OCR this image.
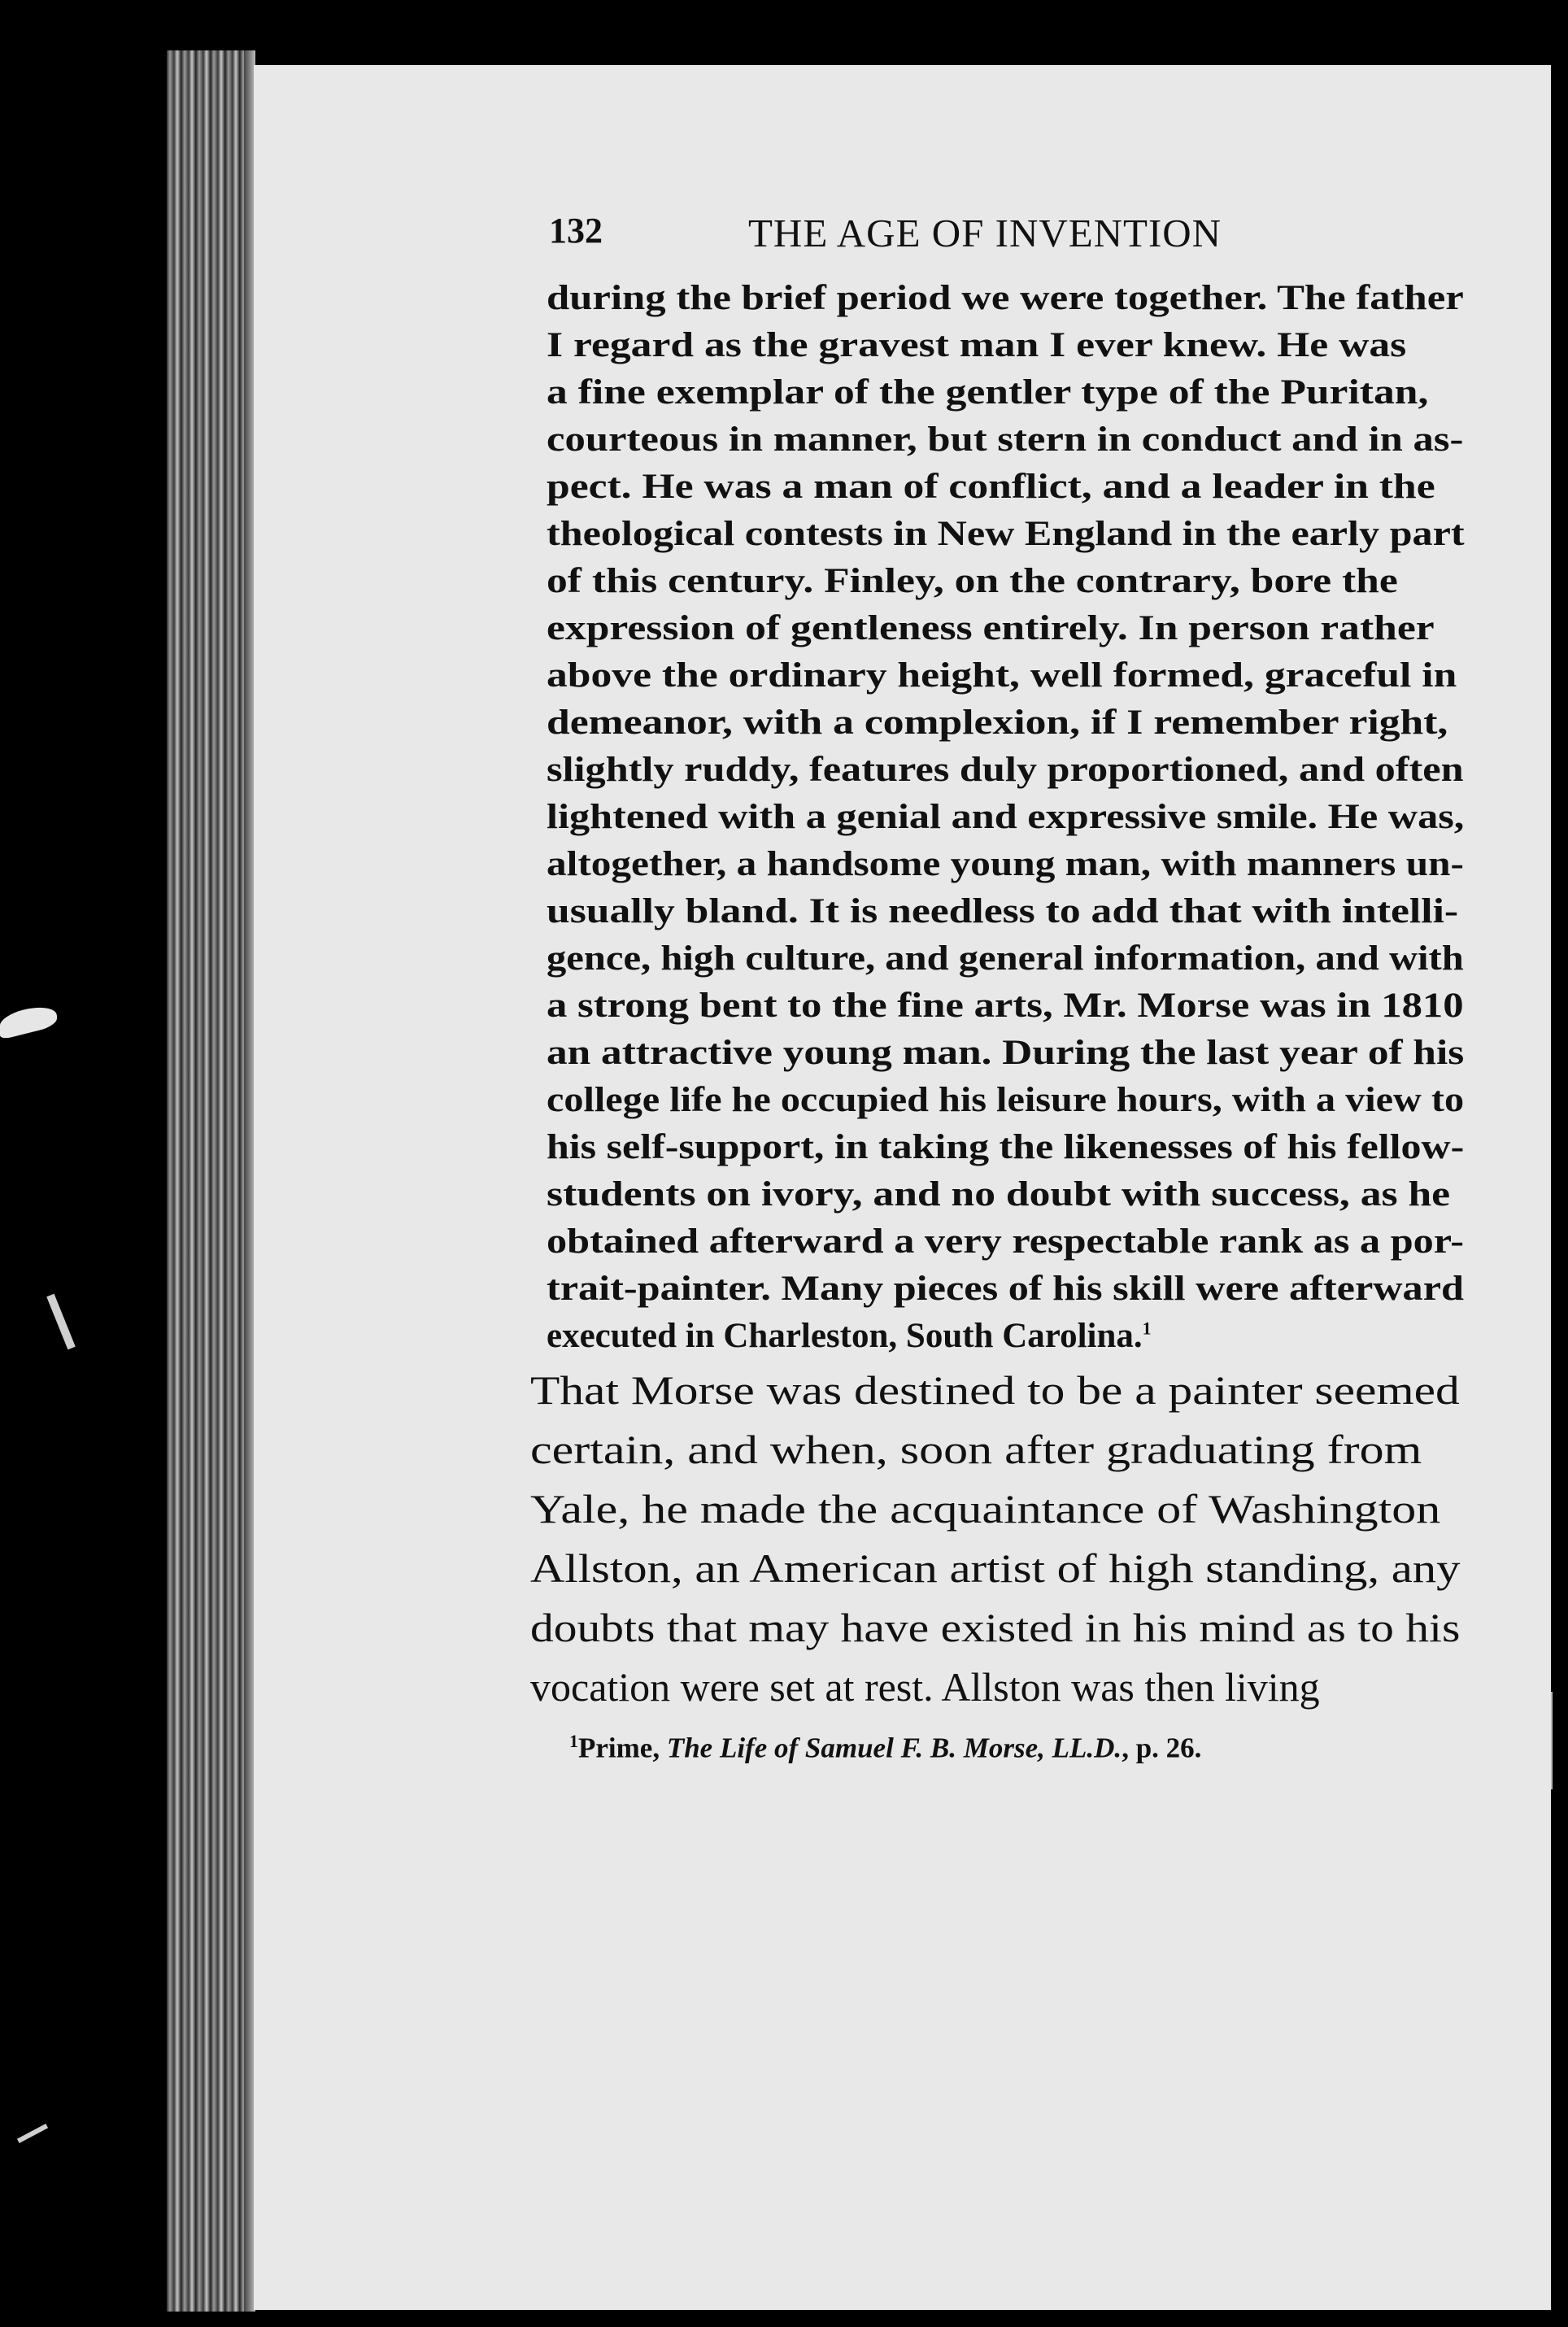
132	THE AGE OF INVENTION
during the brief period we were together. The father
I regard as the gravest man I ever knew. He was
a fine exemplar of the gentler type of the Puritan,
courteous in manner, but stern in conduct and in as-
pect. He was a man of conflict, and a leader in the
theological contests in New England in the early part
of this century. Finley, on the contrary, bore the
expression of gentleness entirely. In person rather
above the ordinary height, well formed, graceful in
demeanor, with a complexion, if I remember right,
slightly ruddy, features duly proportioned, and often
lightened with a genial and expressive smile. He was,
altogether, a handsome young man, with manners un-
usually bland. It is needless to add that with intelli-
gence, high culture, and general information, and with
a strong bent to the fine arts, Mr. Morse was in 1810
an attractive young man. During the last year of his
college life he occupied his leisure hours, with a view to
his self-support, in taking the likenesses of his fellow-
students on ivory, and no doubt with success, as he
obtained afterward a very respectable rank as a por-
trait-painter. Many pieces of his skill were afterward
executed in Charleston, South Carolina.$^1$
That Morse was destined to be a painter seemed
certain, and when, soon after graduating from
Yale, he made the acquaintance of Washington
Allston, an American artist of high standing, any
doubts that may have existed in his mind as to his
vocation were set at rest. Allston was then living
$^1$Prime, The Life of Samuel F. B. Morse, LL.D., p. 26.
